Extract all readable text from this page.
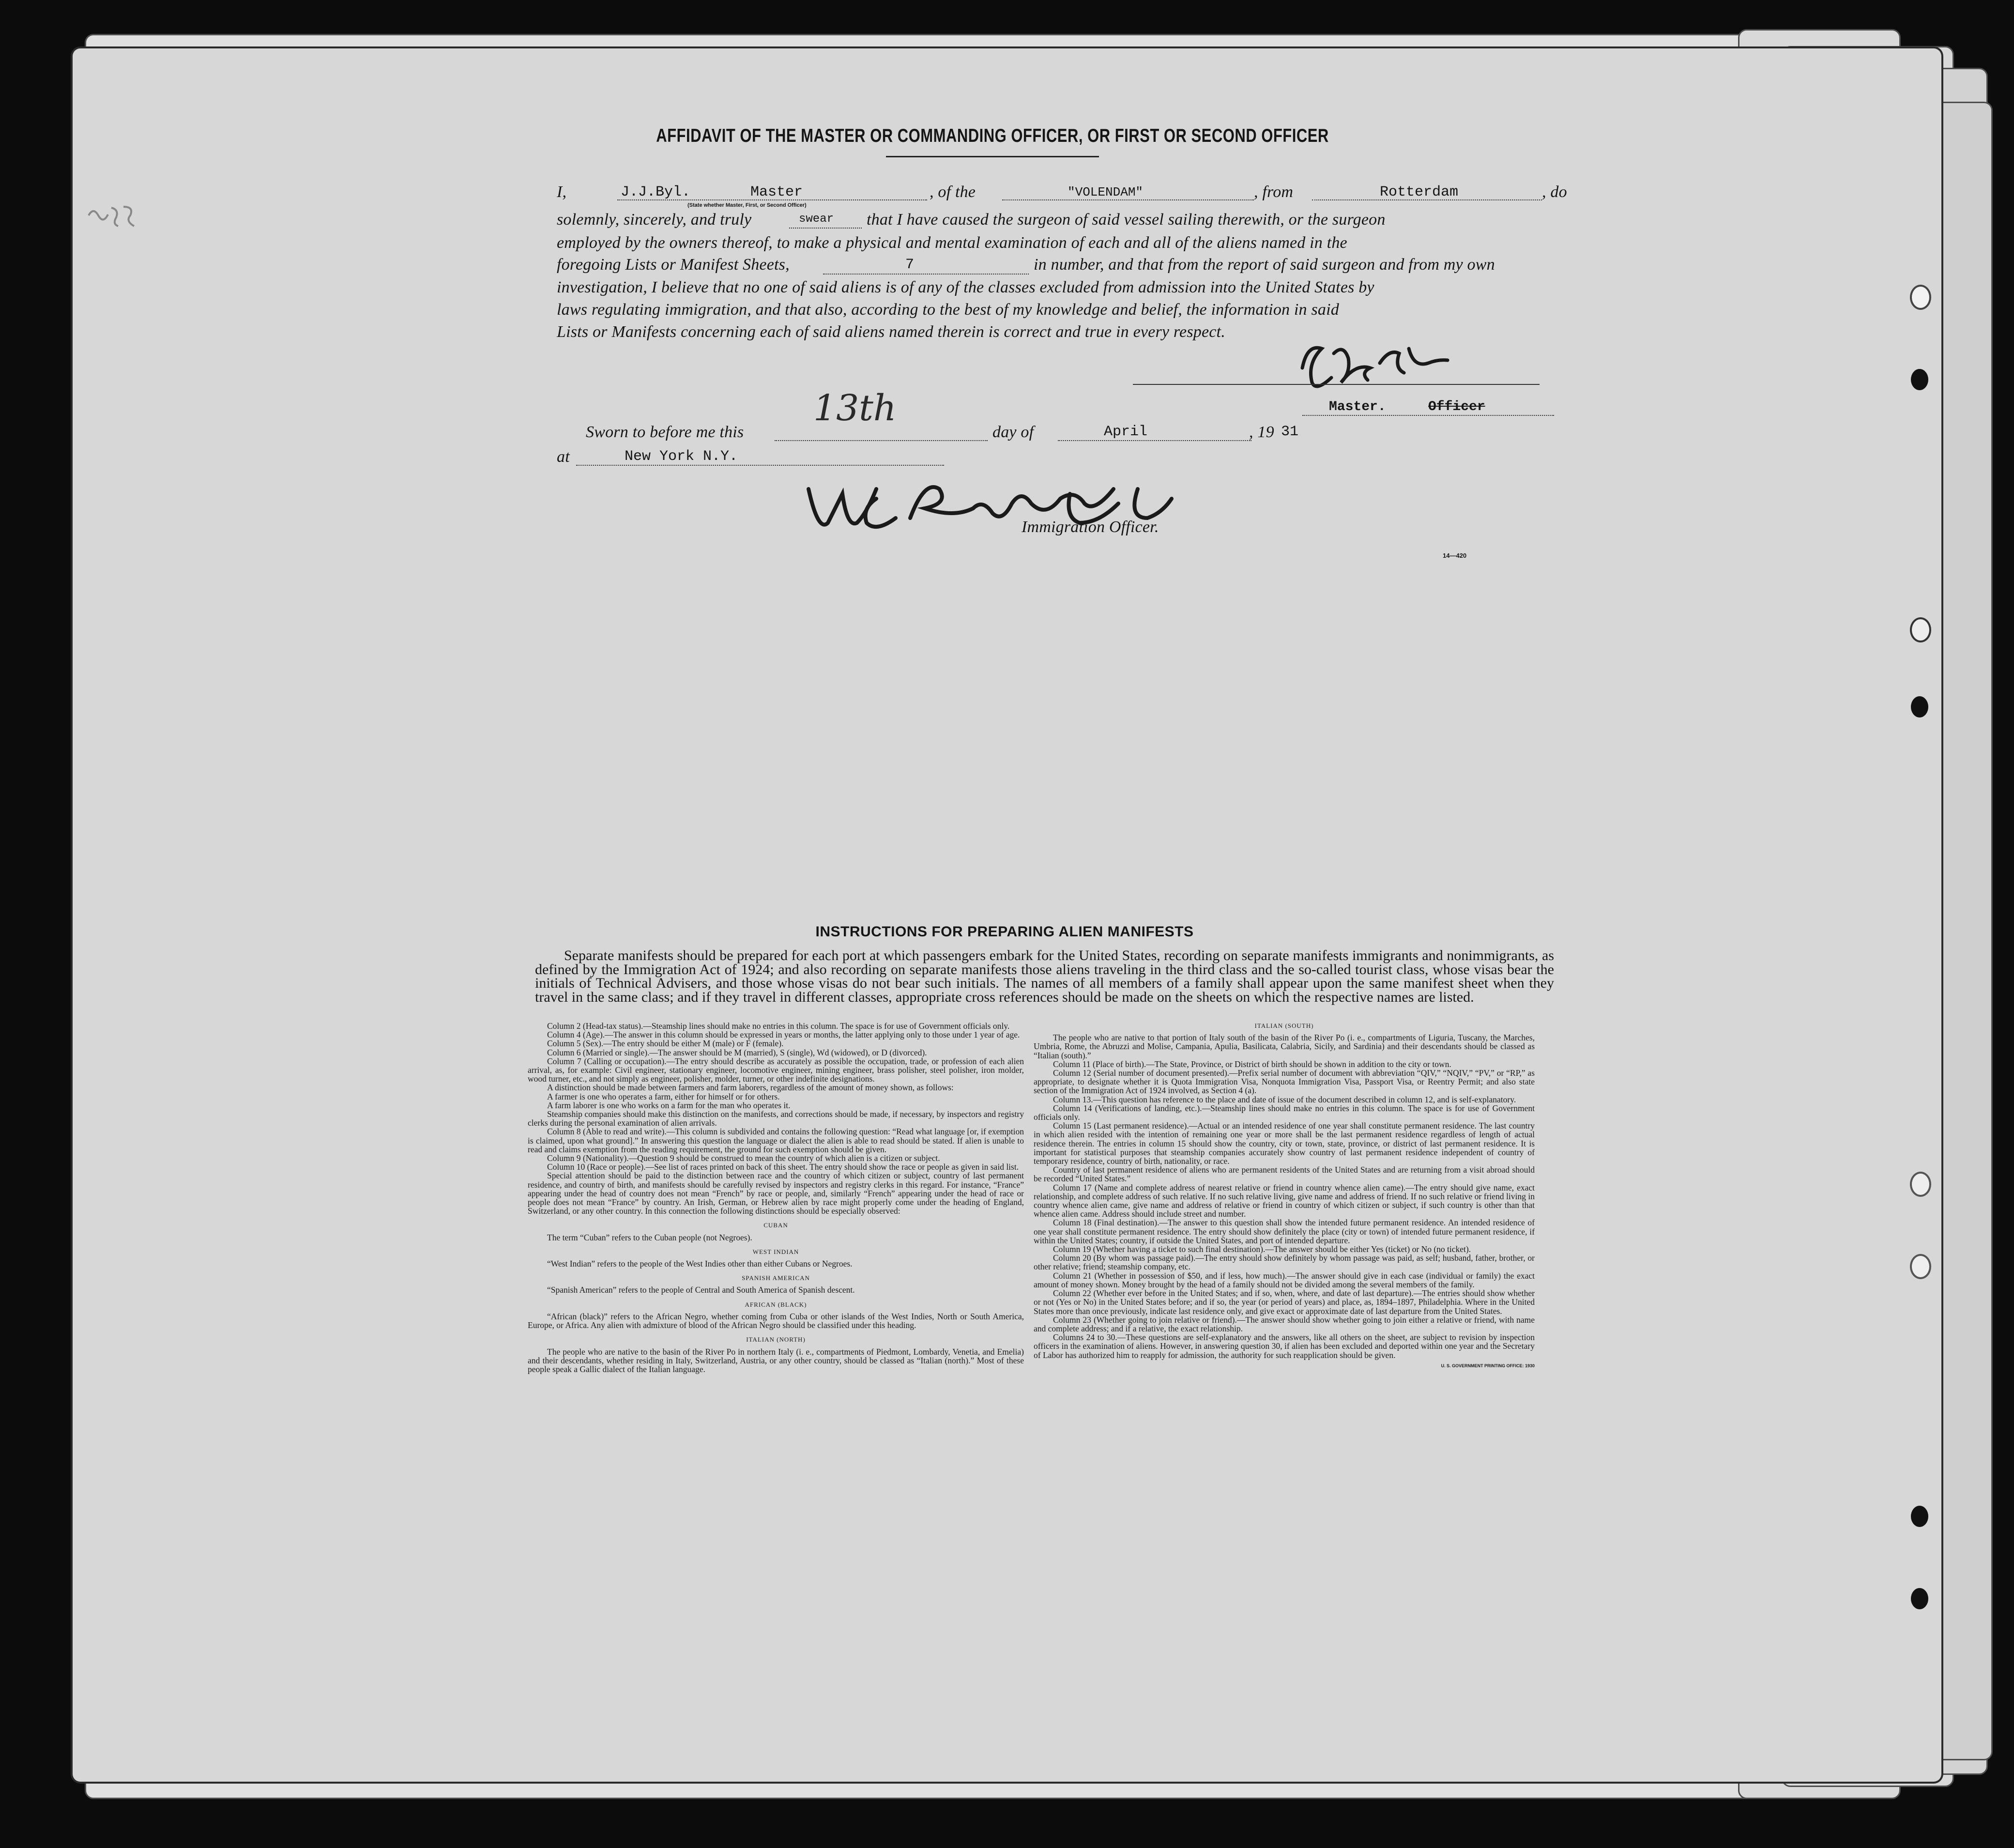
AFFIDAVIT OF THE MASTER OR COMMANDING OFFICER, OR FIRST OR SECOND OFFICER
I,	J.J.Byl.	Master
(State whether Master, First, or Second Officer)
, of the	"VOLENDAM"	, from	Rotterdam	, do
solemnly, sincerely, and truly	swear that I have caused the surgeon of said vessel sailing therewith, or the surgeon
employed by the owners thereof, to make a physical and mental examination of each and all of the aliens named in the
foregoing Lists or Manifest Sheets,	7	in number, and that from the report of said surgeon and from my own
investigation, I believe that no one of said aliens is of any of the classes excluded from admission into the United States by
laws regulating immigration, and that also, according to the best of my knowledge and belief, the information in said
Lists or Manifests concerning each of said aliens named therein is correct and true in every respect.
Master.	Officer
Sworn to before me this
13th
day of	April	, 19 31
at	New York N.Y.
Immigration Officer.
14—420
INSTRUCTIONS FOR PREPARING ALIEN MANIFESTS
Separate manifests should be prepared for each port at which passengers embark for the United States, recording on separate manifests immigrants and nonimmigrants, as defined by the Immigration Act of 1924; and also recording on separate manifests those aliens traveling in the third class and the so-called tourist class, whose visas bear the initials of Technical Advisers, and those whose visas do not bear such initials. The names of all members of a family shall appear upon the same manifest sheet when they travel in the same class; and if they travel in different classes, appropriate cross references should be made on the sheets on which the respective names are listed.

Column 2 (Head-tax status).—Steamship lines should make no entries in this column. The space is for use of Government officials only.

Column 4 (Age).—The answer in this column should be expressed in years or months, the latter applying only to those under 1 year of age.

Column 5 (Sex).—The entry should be either M (male) or F (female).

Column 6 (Married or single).—The answer should be M (married), S (single), Wd (widowed), or D (divorced).

Column 7 (Calling or occupation).—The entry should describe as accurately as possible the occupation, trade, or profession of each alien arrival, as, for example: Civil engineer, stationary engineer, locomotive engineer, mining engineer, brass polisher, steel polisher, iron molder, wood turner, etc., and not simply as engineer, polisher, molder, turner, or other indefinite designations.

A distinction should be made between farmers and farm laborers, regardless of the amount of money shown, as follows:

A farmer is one who operates a farm, either for himself or for others.

A farm laborer is one who works on a farm for the man who operates it.

Steamship companies should make this distinction on the manifests, and corrections should be made, if necessary, by inspectors and registry clerks during the personal examination of alien arrivals.

Column 8 (Able to read and write).—This column is subdivided and contains the following question: “Read what language [or, if exemption is claimed, upon what ground].” In answering this question the language or dialect the alien is able to read should be stated. If alien is unable to read and claims exemption from the reading requirement, the ground for such exemption should be given.

Column 9 (Nationality).—Question 9 should be construed to mean the country of which alien is a citizen or subject.

Column 10 (Race or people).—See list of races printed on back of this sheet. The entry should show the race or people as given in said list.

Special attention should be paid to the distinction between race and the country of which citizen or subject, country of last permanent residence, and country of birth, and manifests should be carefully revised by inspectors and registry clerks in this regard. For instance, “France” appearing under the head of country does not mean “French” by race or people, and, similarly “French” appearing under the head of race or people does not mean “France” by country. An Irish, German, or Hebrew alien by race might properly come under the heading of England, Switzerland, or any other country. In this connection the following distinctions should be especially observed:

CUBAN

The term “Cuban” refers to the Cuban people (not Negroes).

WEST INDIAN

“West Indian” refers to the people of the West Indies other than either Cubans or Negroes.

SPANISH AMERICAN

“Spanish American” refers to the people of Central and South America of Spanish descent.

AFRICAN (BLACK)

“African (black)” refers to the African Negro, whether coming from Cuba or other islands of the West Indies, North or South America, Europe, or Africa. Any alien with admixture of blood of the African Negro should be classified under this heading.

ITALIAN (NORTH)

The people who are native to the basin of the River Po in northern Italy (i. e., compartments of Piedmont, Lombardy, Venetia, and Emelia) and their descendants, whether residing in Italy, Switzerland, Austria, or any other country, should be classed as “Italian (north).” Most of these people speak a Gallic dialect of the Italian language.

ITALIAN (SOUTH)

The people who are native to that portion of Italy south of the basin of the River Po (i. e., compartments of Liguria, Tuscany, the Marches, Umbria, Rome, the Abruzzi and Molise, Campania, Apulia, Basilicata, Calabria, Sicily, and Sardinia) and their descendants should be classed as “Italian (south).”

Column 11 (Place of birth).—The State, Province, or District of birth should be shown in addition to the city or town.

Column 12 (Serial number of document presented).—Prefix serial number of document with abbreviation “QIV,” “NQIV,” “PV,” or “RP,” as appropriate, to designate whether it is Quota Immigration Visa, Nonquota Immigration Visa, Passport Visa, or Reentry Permit; and also state section of the Immigration Act of 1924 involved, as Section 4 (a).

Column 13.—This question has reference to the place and date of issue of the document described in column 12, and is self-explanatory.

Column 14 (Verifications of landing, etc.).—Steamship lines should make no entries in this column. The space is for use of Government officials only.

Column 15 (Last permanent residence).—Actual or an intended residence of one year shall constitute permanent residence. The last country in which alien resided with the intention of remaining one year or more shall be the last permanent residence regardless of length of actual residence therein. The entries in column 15 should show the country, city or town, state, province, or district of last permanent residence. It is important for statistical purposes that steamship companies accurately show country of last permanent residence independent of country of temporary residence, country of birth, nationality, or race.

Country of last permanent residence of aliens who are permanent residents of the United States and are returning from a visit abroad should be recorded “United States.”

Column 17 (Name and complete address of nearest relative or friend in country whence alien came).—The entry should give name, exact relationship, and complete address of such relative. If no such relative living, give name and address of friend. If no such relative or friend living in country whence alien came, give name and address of relative or friend in country of which citizen or subject, if such country is other than that whence alien came. Address should include street and number.

Column 18 (Final destination).—The answer to this question shall show the intended future permanent residence. An intended residence of one year shall constitute permanent residence. The entry should show definitely the place (city or town) of intended future permanent residence, if within the United States; country, if outside the United States, and port of intended departure.

Column 19 (Whether having a ticket to such final destination).—The answer should be either Yes (ticket) or No (no ticket).

Column 20 (By whom was passage paid).—The entry should show definitely by whom passage was paid, as self; husband, father, brother, or other relative; friend; steamship company, etc.

Column 21 (Whether in possession of $50, and if less, how much).—The answer should give in each case (individual or family) the exact amount of money shown. Money brought by the head of a family should not be divided among the several members of the family.

Column 22 (Whether ever before in the United States; and if so, when, where, and date of last departure).—The entries should show whether or not (Yes or No) in the United States before; and if so, the year (or period of years) and place, as, 1894–1897, Philadelphia. Where in the United States more than once previously, indicate last residence only, and give exact or approximate date of last departure from the United States.

Column 23 (Whether going to join relative or friend).—The answer should show whether going to join either a relative or friend, with name and complete address; and if a relative, the exact relationship.

Columns 24 to 30.—These questions are self-explanatory and the answers, like all others on the sheet, are subject to revision by inspection officers in the examination of aliens. However, in answering question 30, if alien has been excluded and deported within one year and the Secretary of Labor has authorized him to reapply for admission, the authority for such reapplication should be given.

U. S. GOVERNMENT PRINTING OFFICE: 1930
